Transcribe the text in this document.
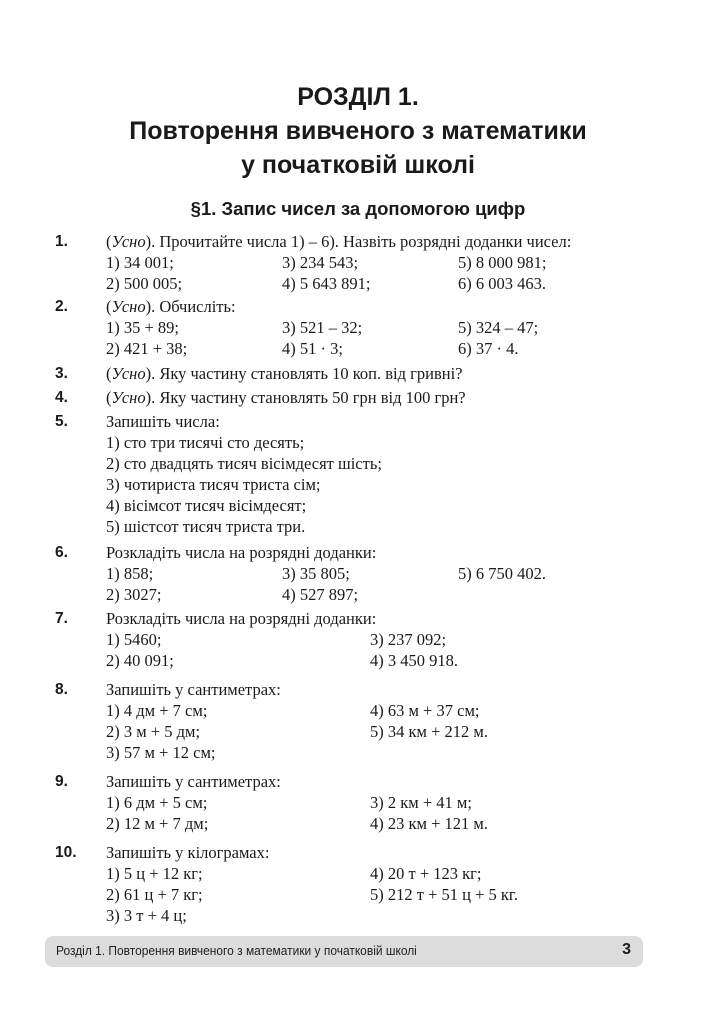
РОЗДІЛ 1.
Повторення вивченого з математики
у початковій школі
§1. Запис чисел за допомогою цифр
1. (Усно). Прочитайте числа 1) – 6). Назвіть розрядні доданки чисел:
1) 34 001;	3) 234 543;	5) 8 000 981;
2) 500 005;	4) 5 643 891;	6) 6 003 463.
2. (Усно). Обчисліть:
1) 35 + 89;	3) 521 – 32;	5) 324 – 47;
2) 421 + 38;	4) 51 · 3;	6) 37 · 4.
3. (Усно). Яку частину становлять 10 коп. від гривні?
4. (Усно). Яку частину становлять 50 грн від 100 грн?
5. Запишіть числа:
1) сто три тисячі сто десять;
2) сто двадцять тисяч вісімдесят шість;
3) чотириста тисяч триста сім;
4) вісімсот тисяч вісімдесят;
5) шістсот тисяч триста три.
6. Розкладіть числа на розрядні доданки:
1) 858;	3) 35 805;	5) 6 750 402.
2) 3027;	4) 527 897;
7. Розкладіть числа на розрядні доданки:
1) 5460;	3) 237 092;
2) 40 091;	4) 3 450 918.
8. Запишіть у сантиметрах:
1) 4 дм + 7 см;	4) 63 м + 37 см;
2) 3 м + 5 дм;	5) 34 км + 212 м.
3) 57 м + 12 см;
9. Запишіть у сантиметрах:
1) 6 дм + 5 см;	3) 2 км + 41 м;
2) 12 м + 7 дм;	4) 23 км + 121 м.
10. Запишіть у кілограмах:
1) 5 ц + 12 кг;	4) 20 т + 123 кг;
2) 61 ц + 7 кг;	5) 212 т + 51 ц + 5 кг.
3) 3 т + 4 ц;
Розділ 1. Повторення вивченого з математики у початковій школі	3
